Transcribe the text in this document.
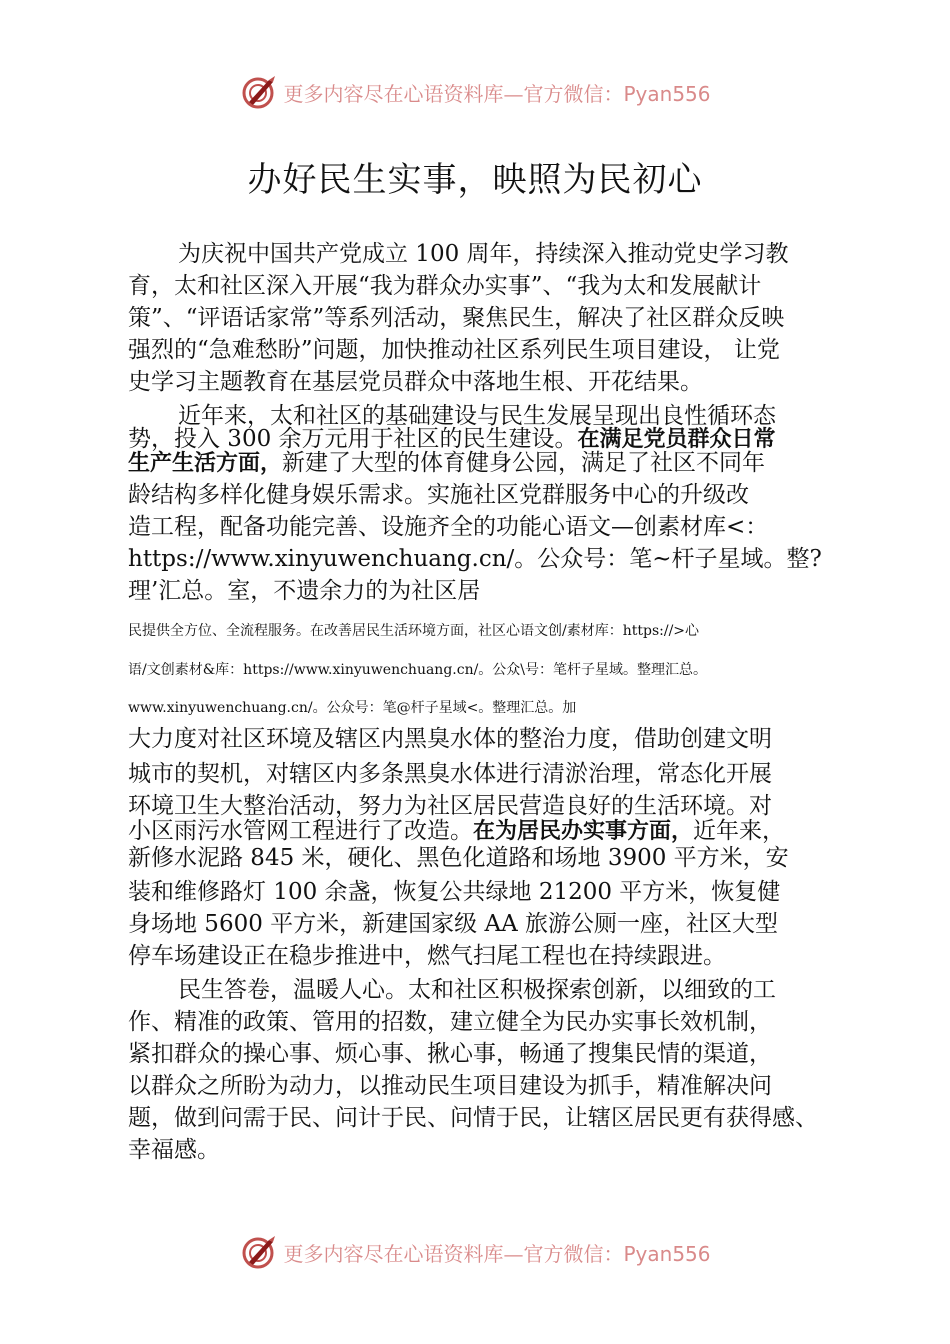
更多内容尽在心语资料库—官方微信：Pyan556
办好民生实事，映照为民初心
为庆祝中国共产党成立 100 周年，持续深入推动党史学习教
育，太和社区深入开展“我为群众办实事”、“我为太和发展献计
策”、“评语话家常”等系列活动，聚焦民生，解决了社区群众反映
强烈的“急难愁盼”问题，加快推动社区系列民生项目建设， 让党
史学习主题教育在基层党员群众中落地生根、开花结果。
近年来，太和社区的基础建设与民生发展呈现出良性循环态
势，投入 300 余万元用于社区的民生建设。在满足党员群众日常
生产生活方面，新建了大型的体育健身公园，满足了社区不同年
龄结构多样化健身娱乐需求。实施社区党群服务中心的升级改
造工程，配备功能完善、设施齐全的功能心语文—创素材库<：
https://www.xinyuwenchuang.cn/。公众号：笔~杆子星域。整?
理’汇总。室，不遗余力的为社区居
民提供全方位、全流程服务。在改善居民生活环境方面，社区心语文创/素材库：https://>心
语/文创素材&库：https://www.xinyuwenchuang.cn/。公众\号：笔杆子星域。整理汇总。
www.xinyuwenchuang.cn/。公众号：笔@杆子星域<。整理汇总。加
大力度对社区环境及辖区内黑臭水体的整治力度，借助创建文明
城市的契机，对辖区内多条黑臭水体进行清淤治理，常态化开展
环境卫生大整治活动，努力为社区居民营造良好的生活环境。对
小区雨污水管网工程进行了改造。在为居民办实事方面，近年来，
新修水泥路 845 米，硬化、黑色化道路和场地 3900 平方米，安
装和维修路灯 100 余盏，恢复公共绿地 21200 平方米，恢复健
身场地 5600 平方米，新建国家级 AA 旅游公厕一座，社区大型
停车场建设正在稳步推进中，燃气扫尾工程也在持续跟进。
民生答卷，温暖人心。太和社区积极探索创新，以细致的工
作、精准的政策、管用的招数，建立健全为民办实事长效机制，
紧扣群众的操心事、烦心事、揪心事，畅通了搜集民情的渠道，
以群众之所盼为动力，以推动民生项目建设为抓手，精准解决问
题，做到问需于民、问计于民、问情于民，让辖区居民更有获得感、
幸福感。
更多内容尽在心语资料库—官方微信：Pyan556
